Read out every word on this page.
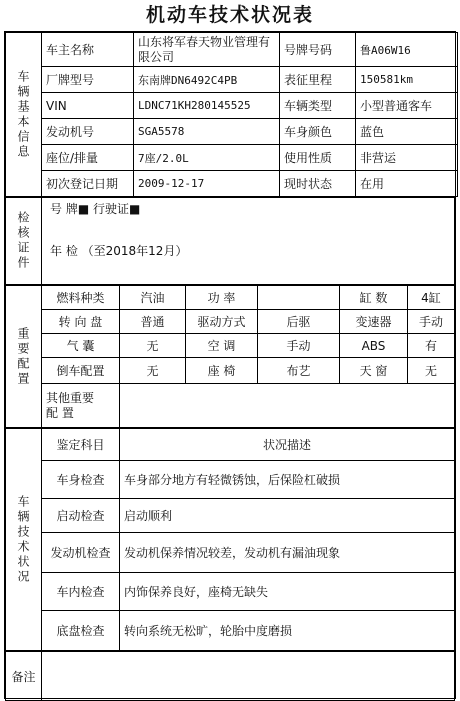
机动车技术状况表
车辆基本信息	车主名称	山东将军春天物业管理有限公司	号牌号码	鲁A06W16
	厂牌型号	东南牌DN6492C4PB	表征里程	150581km
	VIN	LDNC71KH280145525	车辆类型	小型普通客车
	发动机号	SGA5578	车身颜色	蓝色
	座位/排量	7座/2.0L	使用性质	非营运
	初次登记日期	2009-12-17	现时状态	在用
检核证件	
号 牌■ 行驶证■
年 检 （至2018年12月）
重要配置	燃料种类	汽油	功 率		缸 数	4缸
	转 向 盘	普通	驱动方式	后驱	变速器	手动
	气 囊	无	空 调	手动	ABS	有
	倒车配置	无	座 椅	布艺	天 窗	无
	其他重要
配 置					
车辆技术状况	鉴定科目	状况描述
	车身检查	车身部分地方有轻微锈蚀，后保险杠破损
	启动检查	启动顺利
	发动机检查	发动机保养情况较差，发动机有漏油现象
	车内检查	内饰保养良好，座椅无缺失
	底盘检查	转向系统无松旷，轮胎中度磨损
备注	
